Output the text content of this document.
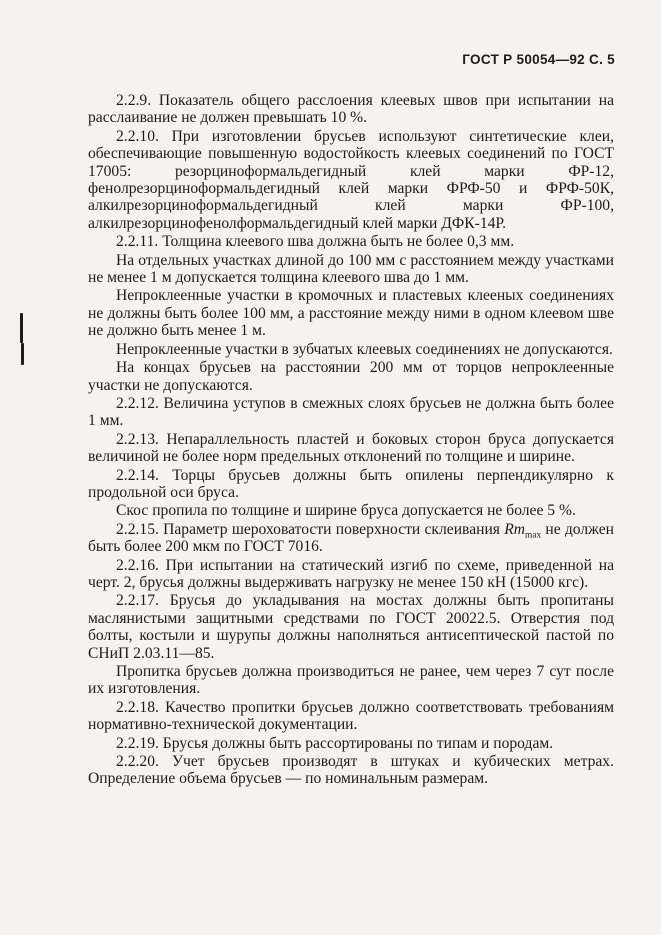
ГОСТ Р 50054—92 С. 5

2.2.9. Показатель общего расслоения клеевых швов при испытании на расслаивание не должен превышать 10 %.

2.2.10. При изготовлении брусьев используют синтетические клеи, обеспечивающие повышенную водостойкость клеевых соединений по ГОСТ 17005: резорцинoформальдегидный клей марки ФР-12, фенолрезорциноформальдегидный клей марки ФРФ-50 и ФРФ-50К, алкилрезорциноформальдегидный клей марки ФР-100, алкилрезорцинофенолформальдегидный клей марки ДФК-14Р.

2.2.11. Толщина клеевого шва должна быть не более 0,3 мм.

На отдельных участках длиной до 100 мм с расстоянием между участками не менее 1 м допускается толщина клеевого шва до 1 мм.

Непроклеенные участки в кромочных и пластевых клееных соединениях не должны быть более 100 мм, а расстояние между ними в одном клеевом шве не должно быть менее 1 м.

Непроклеенные участки в зубчатых клеевых соединениях не допускаются.

На концах брусьев на расстоянии 200 мм от торцов непроклеенные участки не допускаются.

2.2.12. Величина уступов в смежных слоях брусьев не должна быть более 1 мм.

2.2.13. Непараллельность пластей и боковых сторон бруса допускается величиной не более норм предельных отклонений по толщине и ширине.

2.2.14. Торцы брусьев должны быть опилены перпендикулярно к продольной оси бруса.

Скос пропила по толщине и ширине бруса допускается не более 5 %.

2.2.15. Параметр шероховатости поверхности склеивания $Rm_{max}$ не должен быть более 200 мкм по ГОСТ 7016.

2.2.16. При испытании на статический изгиб по схеме, приведенной на черт. 2, брусья должны выдерживать нагрузку не менее 150 кН (15000 кгс).

2.2.17. Брусья до укладывания на мостах должны быть пропитаны маслянистыми защитными средствами по ГОСТ 20022.5. Отверстия под болты, костыли и шурупы должны наполняться антисептической пастой по СНиП 2.03.11—85.

Пропитка брусьев должна производиться не ранее, чем через 7 сут после их изготовления.

2.2.18. Качество пропитки брусьев должно соответствовать требованиям нормативно-технической документации.

2.2.19. Брусья должны быть рассортированы по типам и породам.

2.2.20. Учет брусьев производят в штуках и кубических метрах. Определение объема брусьев — по номинальным размерам.
